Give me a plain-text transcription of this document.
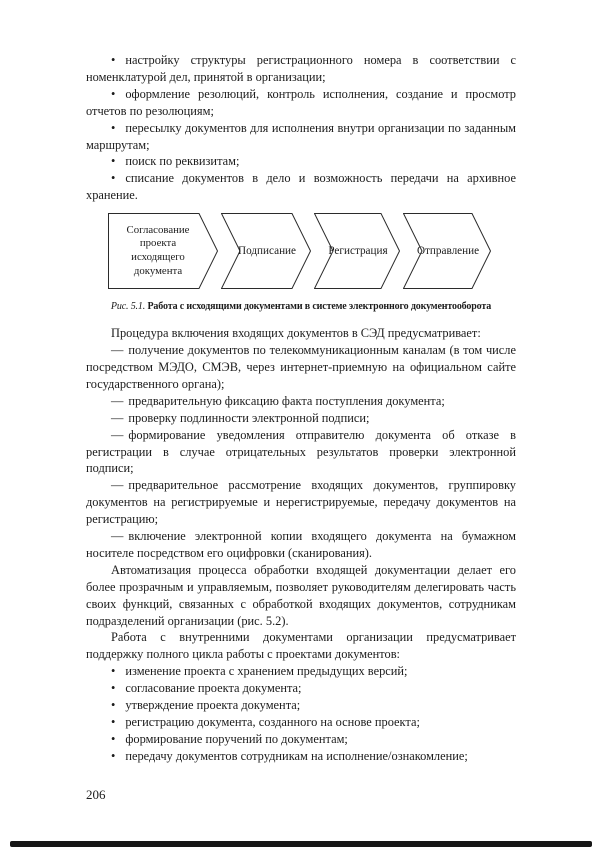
• настройку структуры регистрационного номера в соответствии с номенклатурой дел, принятой в организации;

• оформление резолюций, контроль исполнения, создание и просмотр отчетов по резолюциям;

• пересылку документов для исполнения внутри организации по заданным маршрутам;

• поиск по реквизитам;

• списание документов в дело и возможность передачи на архивное хранение.

Согласование проекта исходящего документа
Подписание	Регистрация	Отправление
Рис. 5.1. Работа с исходящими документами в системе электронного документооборота

Процедура включения входящих документов в СЭД предусматривает:

— получение документов по телекоммуникационным каналам (в том числе посредством МЭДО, СМЭВ, через интернет-приемную на официальном сайте государственного органа);

— предварительную фиксацию факта поступления документа;

— проверку подлинности электронной подписи;

— формирование уведомления отправителю документа об отказе в регистрации в случае отрицательных результатов проверки электронной подписи;

— предварительное рассмотрение входящих документов, группировку документов на регистрируемые и нерегистрируемые, передачу документов на регистрацию;

— включение электронной копии входящего документа на бумажном носителе посредством его оцифровки (сканирования).

Автоматизация процесса обработки входящей документации делает его более прозрачным и управляемым, позволяет руководителям делегировать часть своих функций, связанных с обработкой входящих документов, сотрудникам подразделений организации (рис. 5.2).

Работа с внутренними документами организации предусматривает поддержку полного цикла работы с проектами документов:

• изменение проекта с хранением предыдущих версий;

• согласование проекта документа;

• утверждение проекта документа;

• регистрацию документа, созданного на основе проекта;

• формирование поручений по документам;

• передачу документов сотрудникам на исполнение/ознакомление;

206
